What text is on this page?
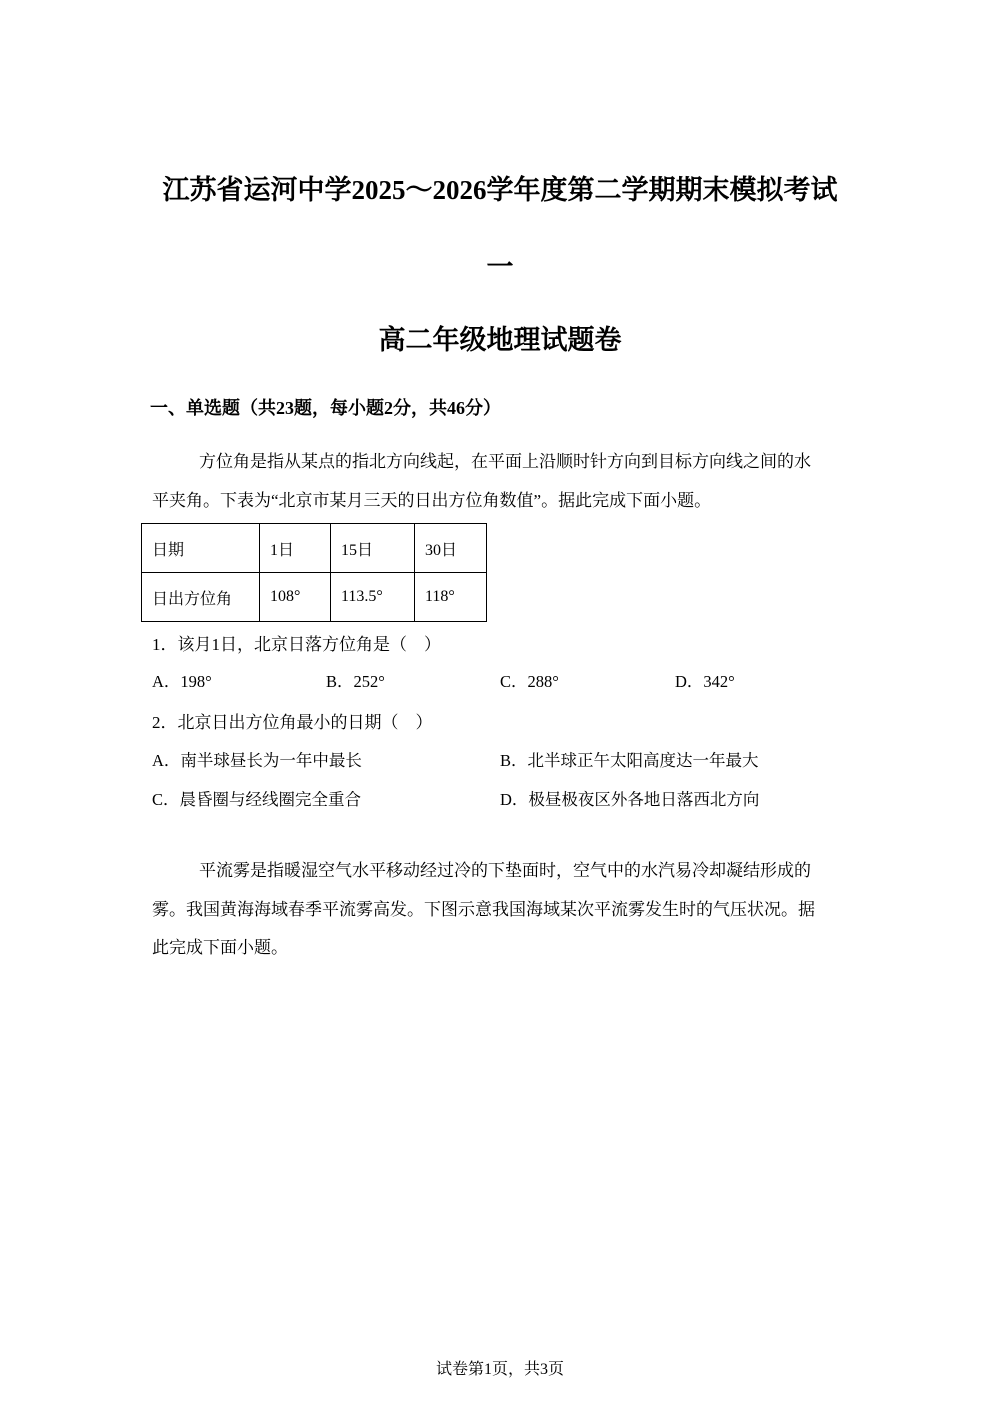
江苏省运河中学2025～2026学年度第二学期期末模拟考试
一
高二年级地理试题卷
一、单选题（共23题，每小题2分，共46分）
方位角是指从某点的指北方向线起，在平面上沿顺时针方向到目标方向线之间的水
平夹角。下表为“北京市某月三天的日出方位角数值”。据此完成下面小题。
日期	1日	15日	30日
日出方位角	108°	113.5°	118°
1．该月1日，北京日落方位角是（　）
A．198°	B．252°	C．288°	D．342°
2．北京日出方位角最小的日期（　）
A．南半球昼长为一年中最长	B．北半球正午太阳高度达一年最大
C．晨昏圈与经线圈完全重合	D．极昼极夜区外各地日落西北方向
平流雾是指暖湿空气水平移动经过冷的下垫面时，空气中的水汽易冷却凝结形成的
雾。我国黄海海域春季平流雾高发。下图示意我国海域某次平流雾发生时的气压状况。据
此完成下面小题。
试卷第1页，共3页
